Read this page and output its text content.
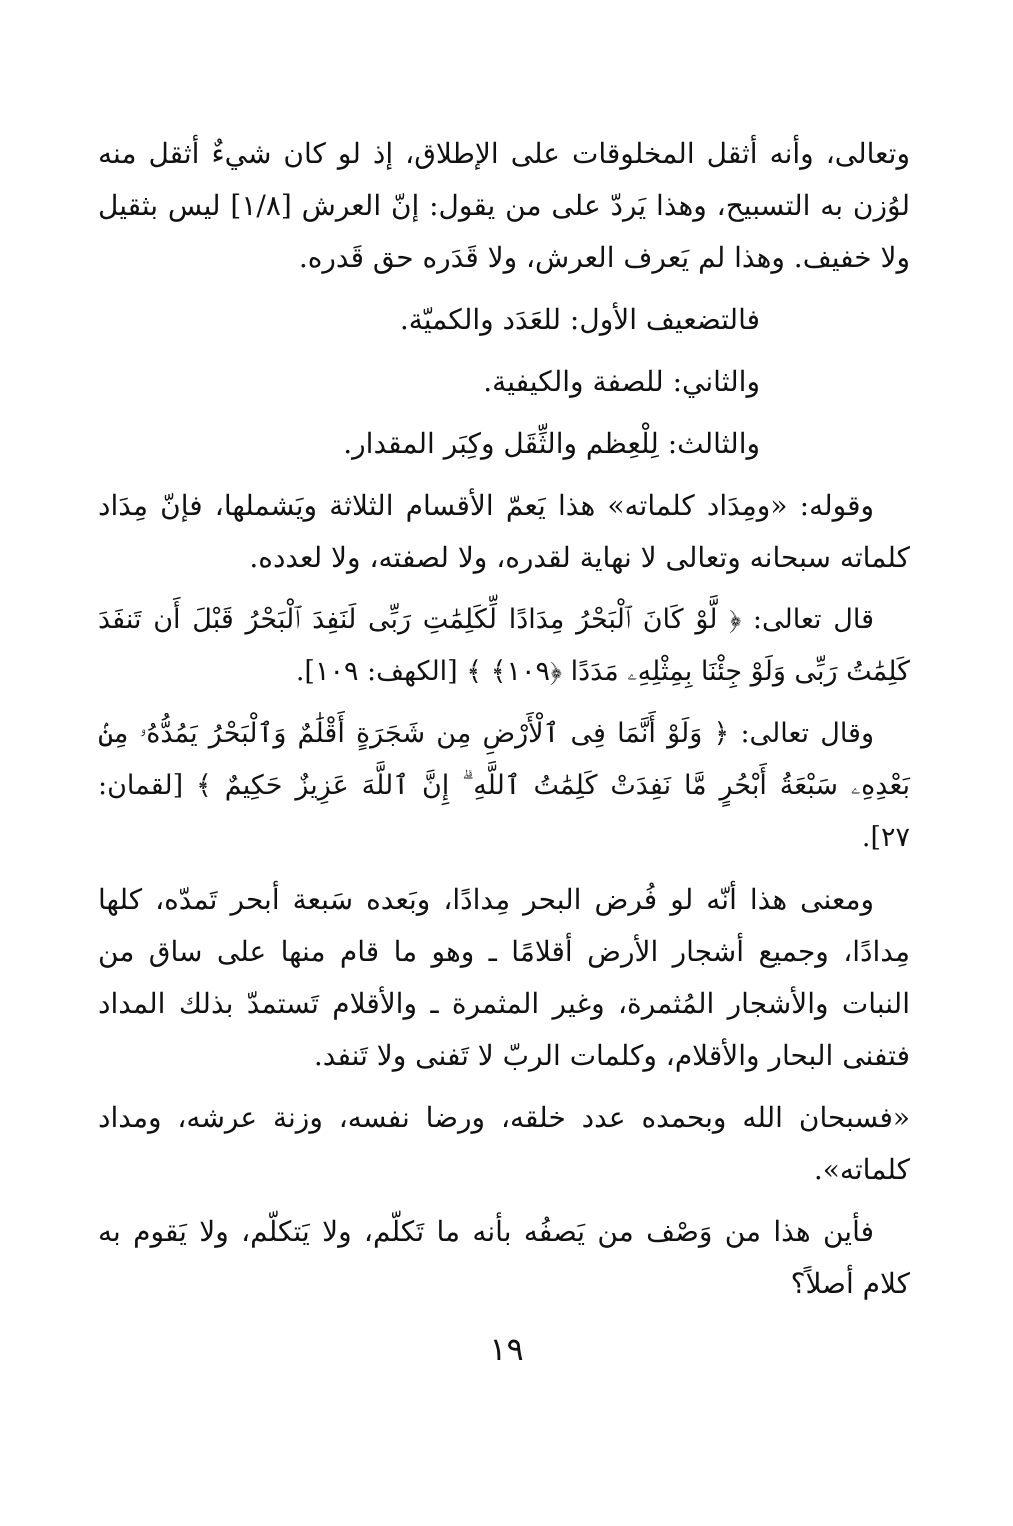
وتعالى، وأنه أثقل المخلوقات على الإطلاق، إذ لو كان شيءٌ أثقل منه لوُزن به التسبيح، وهذا يَردّ على من يقول: إنّ العرش [١/٨] ليس بثقيل ولا خفيف. وهذا لم يَعرف العرش، ولا قَدَره حق قَدره.

فالتضعيف الأول: للعَدَد والكميّة.

والثاني: للصفة والكيفية.

والثالث: لِلْعِظم والثِّقَل وكِبَر المقدار.

وقوله: «ومِدَاد كلماته» هذا يَعمّ الأقسام الثلاثة ويَشملها، فإنّ مِدَاد كلماته سبحانه وتعالى لا نهاية لقدره، ولا لصفته، ولا لعدده.

قال تعالى: ﴿ لَّوْ كَانَ ٱلْبَحْرُ مِدَادًا لِّكَلِمَٰتِ رَبِّى لَنَفِدَ ٱلْبَحْرُ قَبْلَ أَن تَنفَدَ كَلِمَٰتُ رَبِّى وَلَوْ جِئْنَا بِمِثْلِهِۦ مَدَدًا ﴿١٠٩﴾ ﴾ [الكهف: ١٠٩].

وقال تعالى: ﴿ وَلَوْ أَنَّمَا فِى ٱلْأَرْضِ مِن شَجَرَةٍ أَقْلَٰمٌ وَٱلْبَحْرُ يَمُدُّهُۥ مِنۢ بَعْدِهِۦ سَبْعَةُ أَبْحُرٍ مَّا نَفِدَتْ كَلِمَٰتُ ٱللَّهِ ۗ إِنَّ ٱللَّهَ عَزِيزٌ حَكِيمٌ ﴾ [لقمان: ٢٧].

ومعنى هذا أنّه لو فُرض البحر مِدادًا، وبَعده سَبعة أبحر تَمدّه، كلها مِدادًا، وجميع أشجار الأرض أقلامًا ـ وهو ما قام منها على ساق من النبات والأشجار المُثمرة، وغير المثمرة ـ والأقلام تَستمدّ بذلك المداد فتفنى البحار والأقلام، وكلمات الربّ لا تَفنى ولا تَنفد.

«فسبحان الله وبحمده عدد خلقه، ورضا نفسه، وزنة عرشه، ومداد كلماته».

فأين هذا من وَصْف من يَصفُه بأنه ما تَكلّم، ولا يَتكلّم، ولا يَقوم به كلام أصلاً؟

١٩
